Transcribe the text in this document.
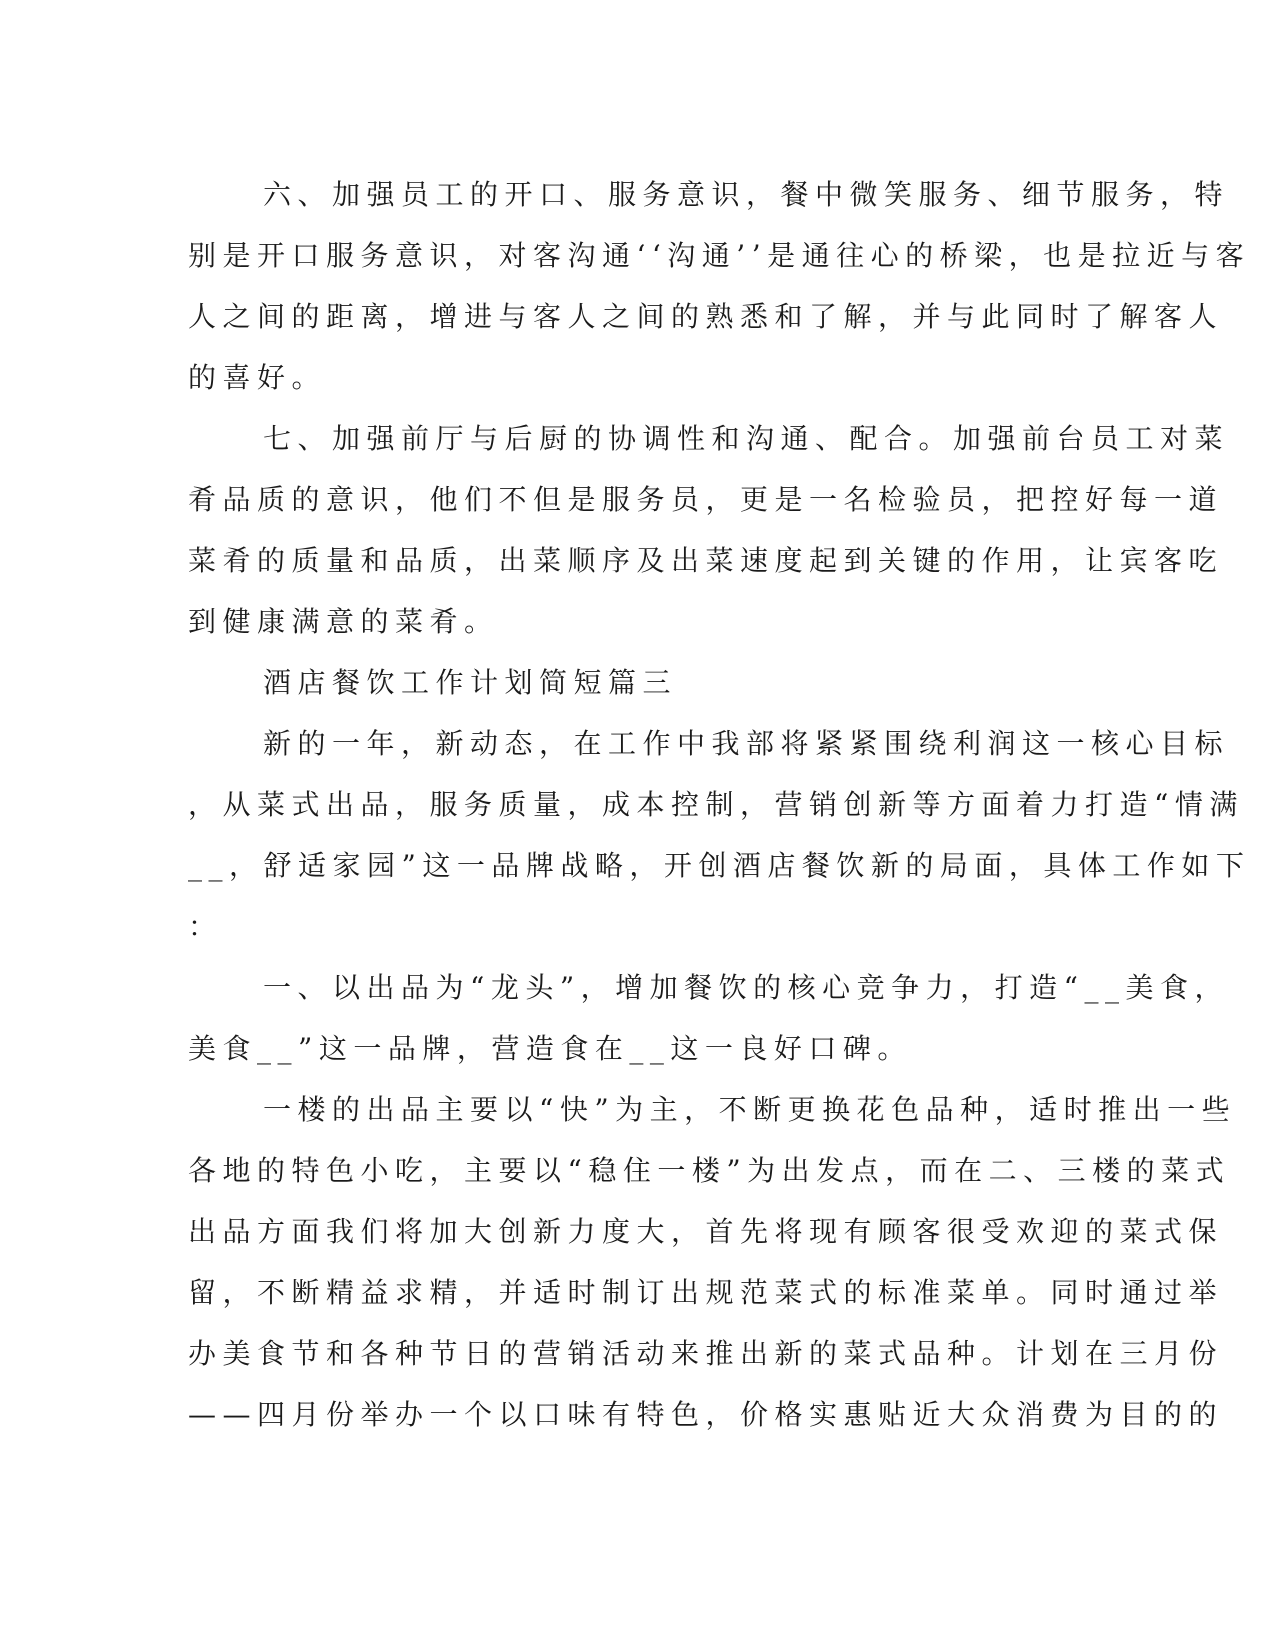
六、加强员工的开口、服务意识，餐中微笑服务、细节服务，特
别是开口服务意识，对客沟通‘‘沟通’’是通往心的桥梁，也是拉近与客
人之间的距离，增进与客人之间的熟悉和了解，并与此同时了解客人
的喜好。
七、加强前厅与后厨的协调性和沟通、配合。加强前台员工对菜
肴品质的意识，他们不但是服务员，更是一名检验员，把控好每一道
菜肴的质量和品质，出菜顺序及出菜速度起到关键的作用，让宾客吃
到健康满意的菜肴。
酒店餐饮工作计划简短篇三
新的一年，新动态，在工作中我部将紧紧围绕利润这一核心目标
，从菜式出品，服务质量，成本控制，营销创新等方面着力打造“情满
__，舒适家园”这一品牌战略，开创酒店餐饮新的局面，具体工作如下
：
一、以出品为“龙头”，增加餐饮的核心竞争力，打造“__美食，
美食__”这一品牌，营造食在__这一良好口碑。
一楼的出品主要以“快”为主，不断更换花色品种，适时推出一些
各地的特色小吃，主要以“稳住一楼”为出发点，而在二、三楼的菜式
出品方面我们将加大创新力度大，首先将现有顾客很受欢迎的菜式保
留，不断精益求精，并适时制订出规范菜式的标准菜单。同时通过举
办美食节和各种节日的营销活动来推出新的菜式品种。计划在三月份
——四月份举办一个以口味有特色，价格实惠贴近大众消费为目的的
